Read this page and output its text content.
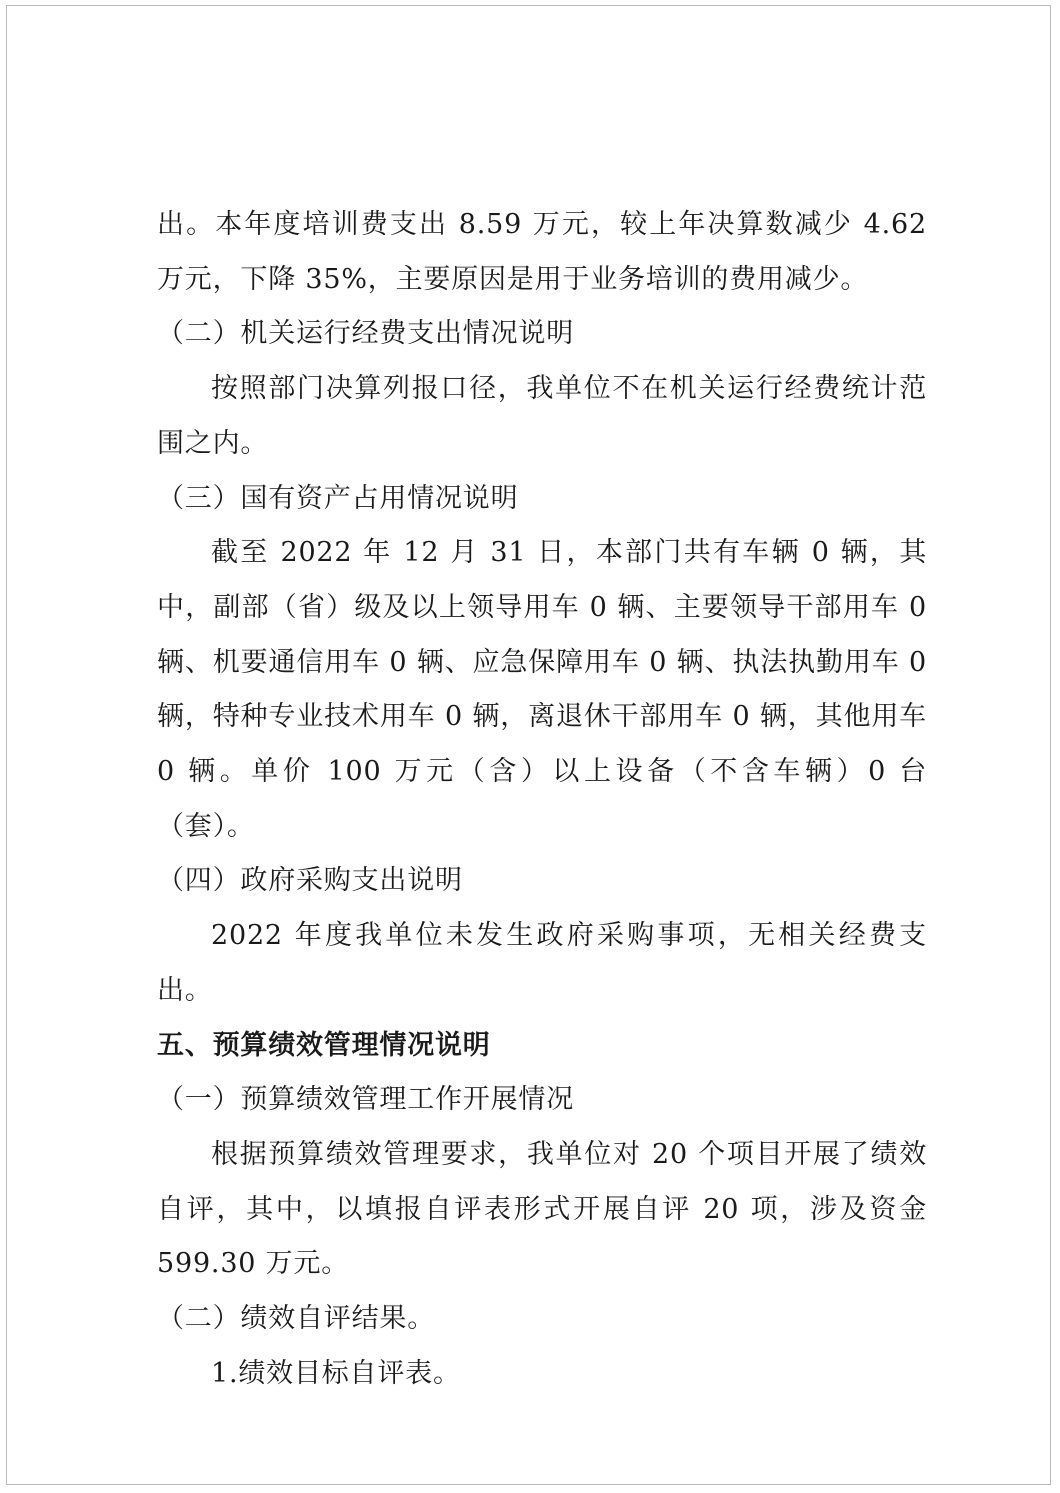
出。本年度培训费支出 8.59 万元，较上年决算数减少 4.62 万元，下降 35%，主要原因是用于业务培训的费用减少。

（二）机关运行经费支出情况说明

按照部门决算列报口径，我单位不在机关运行经费统计范围之内。

（三）国有资产占用情况说明

截至 2022 年 12 月 31 日，本部门共有车辆 0 辆，其中，副部（省）级及以上领导用车 0 辆、主要领导干部用车 0 辆、机要通信用车 0 辆、应急保障用车 0 辆、执法执勤用车 0 辆，特种专业技术用车 0 辆，离退休干部用车 0 辆，其他用车 0 辆。单价 100 万元（含）以上设备（不含车辆）0 台（套）。

（四）政府采购支出说明

2022 年度我单位未发生政府采购事项，无相关经费支出。

五、预算绩效管理情况说明

（一）预算绩效管理工作开展情况

根据预算绩效管理要求，我单位对 20 个项目开展了绩效自评，其中，以填报自评表形式开展自评 20 项，涉及资金 599.30 万元。

（二）绩效自评结果。

1.绩效目标自评表。
